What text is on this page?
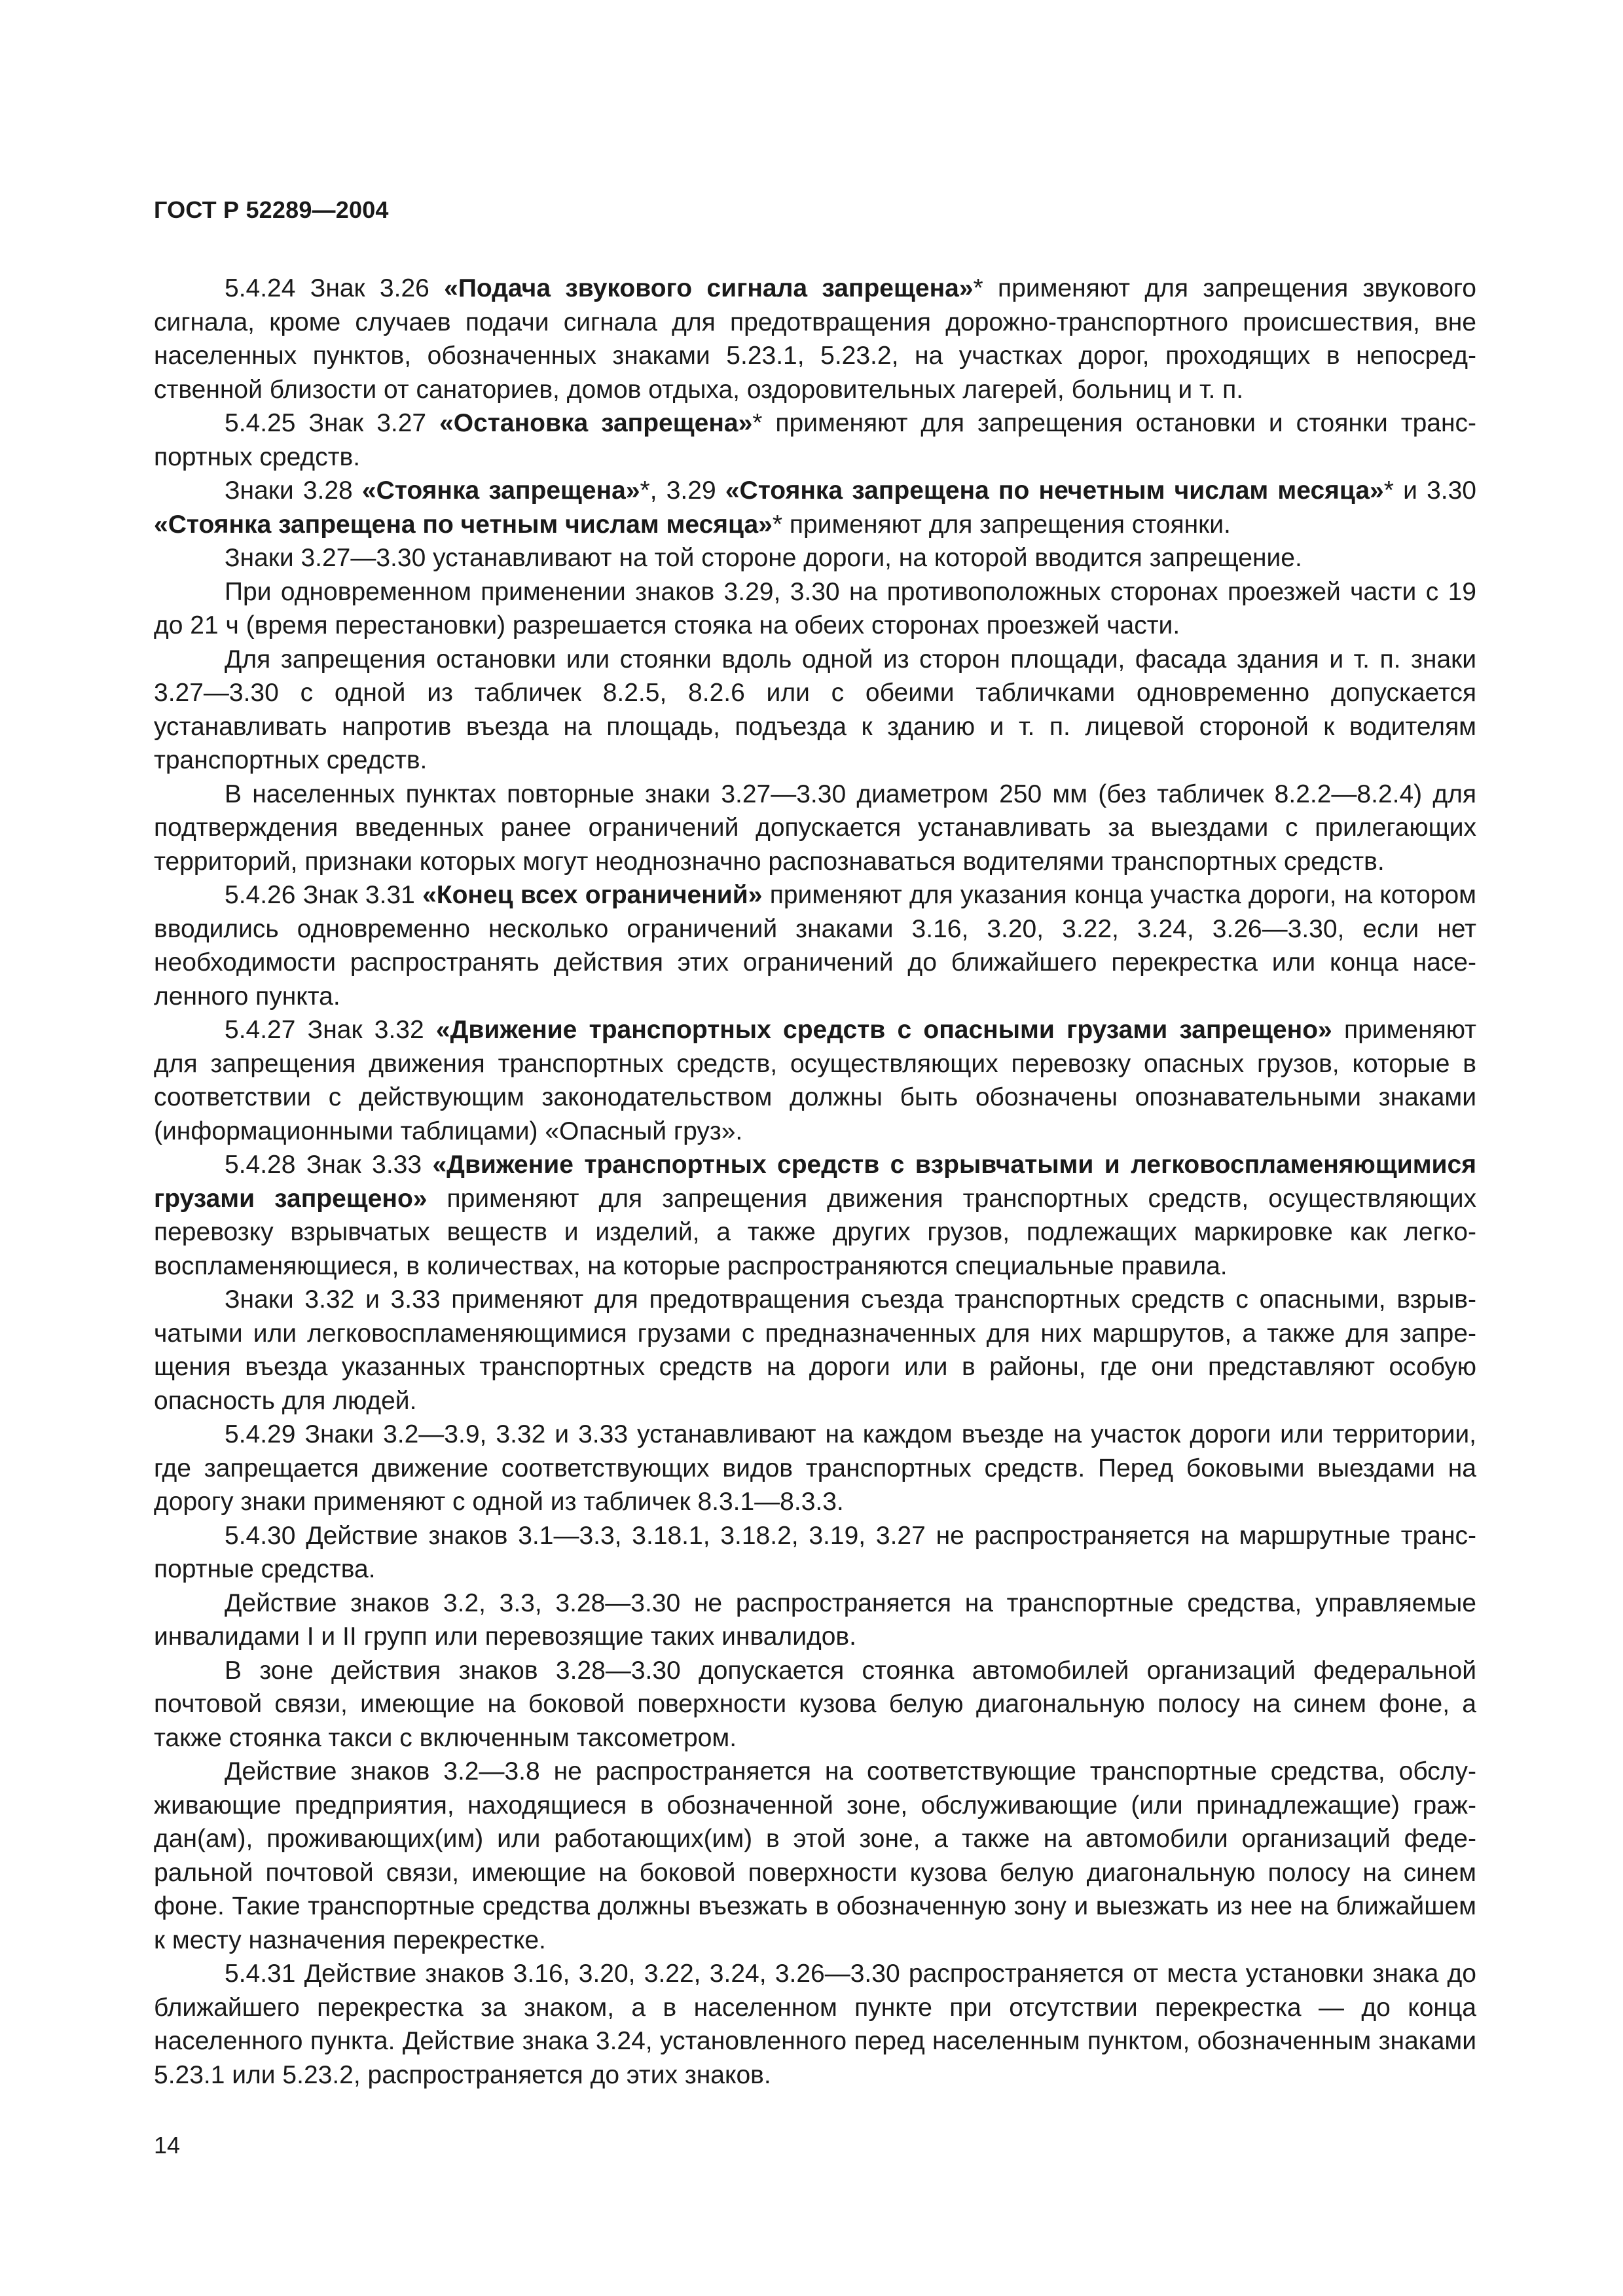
ГОСТ Р 52289—2004

5.4.24 Знак 3.26 «Подача звукового сигнала запрещена»* применяют для запрещения звукового сигнала, кроме случаев подачи сигнала для предотвращения дорожно-транспортного происшествия, вне населенных пунктов, обозначенных знаками 5.23.1, 5.23.2, на участках дорог, проходящих в непосредственной близости от санаториев, домов отдыха, оздоровительных лагерей, больниц и т. п.

5.4.25 Знак 3.27 «Остановка запрещена»* применяют для запрещения остановки и стоянки транспортных средств.

Знаки 3.28 «Стоянка запрещена»*, 3.29 «Стоянка запрещена по нечетным числам месяца»* и 3.30 «Стоянка запрещена по четным числам месяца»* применяют для запрещения стоянки.

Знаки 3.27—3.30 устанавливают на той стороне дороги, на которой вводится запрещение.

При одновременном применении знаков 3.29, 3.30 на противоположных сторонах проезжей части с 19 до 21 ч (время перестановки) разрешается стояка на обеих сторонах проезжей части.

Для запрещения остановки или стоянки вдоль одной из сторон площади, фасада здания и т. п. знаки 3.27—3.30 с одной из табличек 8.2.5, 8.2.6 или с обеими табличками одновременно допускается устанавливать напротив въезда на площадь, подъезда к зданию и т. п. лицевой стороной к водителям транспортных средств.

В населенных пунктах повторные знаки 3.27—3.30 диаметром 250 мм (без табличек 8.2.2—8.2.4) для подтверждения введенных ранее ограничений допускается устанавливать за выездами с прилегающих территорий, признаки которых могут неоднозначно распознаваться водителями транспортных средств.

5.4.26 Знак 3.31 «Конец всех ограничений» применяют для указания конца участка дороги, на котором вводились одновременно несколько ограничений знаками 3.16, 3.20, 3.22, 3.24, 3.26—3.30, если нет необходимости распространять действия этих ограничений до ближайшего перекрестка или конца населенного пункта.

5.4.27 Знак 3.32 «Движение транспортных средств с опасными грузами запрещено» применяют для запрещения движения транспортных средств, осуществляющих перевозку опасных грузов, которые в соответствии с действующим законодательством должны быть обозначены опознавательными знаками (информационными таблицами) «Опасный груз».

5.4.28 Знак 3.33 «Движение транспортных средств с взрывчатыми и легковоспламеняющимися грузами запрещено» применяют для запрещения движения транспортных средств, осуществляющих перевозку взрывчатых веществ и изделий, а также других грузов, подлежащих маркировке как легковоспламеняющиеся, в количествах, на которые распространяются специальные правила.

Знаки 3.32 и 3.33 применяют для предотвращения съезда транспортных средств с опасными, взрывчатыми или легковоспламеняющимися грузами с предназначенных для них маршрутов, а также для запрещения въезда указанных транспортных средств на дороги или в районы, где они представляют особую опасность для людей.

5.4.29 Знаки 3.2—3.9, 3.32 и 3.33 устанавливают на каждом въезде на участок дороги или территории, где запрещается движение соответствующих видов транспортных средств. Перед боковыми выездами на дорогу знаки применяют с одной из табличек 8.3.1—8.3.3.

5.4.30 Действие знаков 3.1—3.3, 3.18.1, 3.18.2, 3.19, 3.27 не распространяется на маршрутные транспортные средства.

Действие знаков 3.2, 3.3, 3.28—3.30 не распространяется на транспортные средства, управляемые инвалидами I и II групп или перевозящие таких инвалидов.

В зоне действия знаков 3.28—3.30 допускается стоянка автомобилей организаций федеральной почтовой связи, имеющие на боковой поверхности кузова белую диагональную полосу на синем фоне, а также стоянка такси с включенным таксометром.

Действие знаков 3.2—3.8 не распространяется на соответствующие транспортные средства, обслуживающие предприятия, находящиеся в обозначенной зоне, обслуживающие (или принадлежащие) граждан(ам), проживающих(им) или работающих(им) в этой зоне, а также на автомобили организаций федеральной почтовой связи, имеющие на боковой поверхности кузова белую диагональную полосу на синем фоне. Такие транспортные средства должны въезжать в обозначенную зону и выезжать из нее на ближайшем к месту назначения перекрестке.

5.4.31 Действие знаков 3.16, 3.20, 3.22, 3.24, 3.26—3.30 распространяется от места установки знака до ближайшего перекрестка за знаком, а в населенном пункте при отсутствии перекрестка — до конца населенного пункта. Действие знака 3.24, установленного перед населенным пунктом, обозначенным знаками 5.23.1 или 5.23.2, распространяется до этих знаков.

14
